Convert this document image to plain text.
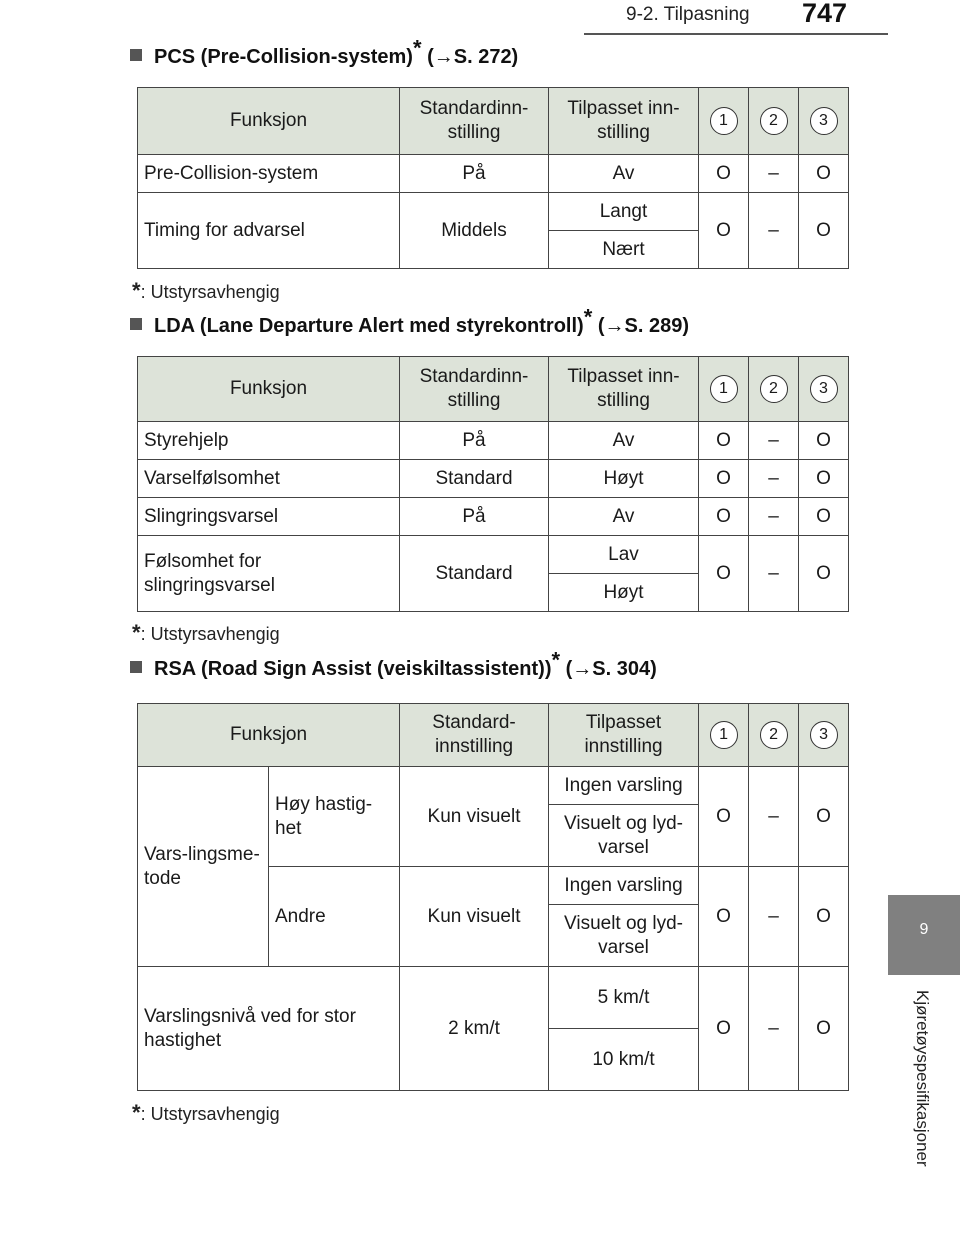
9-2. Tilpasning 747
9
Kjøretøyspesifikasjoner
PCS (Pre-Collision-system)* (→S. 272)
Funksjon	Standardinn-stilling	Tilpasset inn-stilling	1	2	3
Pre-Collision-system	På	Av	O	–	O
Timing for advarsel	Middels	Langt	O	–	O
		Nært			
*: Utstyrsavhengig
LDA (Lane Departure Alert med styrekontroll)* (→S. 289)
Funksjon	Standardinn-stilling	Tilpasset inn-stilling	1	2	3
Styrehjelp	På	Av	O	–	O
Varselfølsomhet	Standard	Høyt	O	–	O
Slingringsvarsel	På	Av	O	–	O
Følsomhet for slingringsvarsel	Standard	Lav	O	–	O
		Høyt			
*: Utstyrsavhengig
RSA (Road Sign Assist (veiskiltassistent))* (→S. 304)
Funksjon		Standard-innstilling	Tilpasset innstilling	1	2	3
Vars-lingsme-tode	Høy hastig-het	Kun visuelt	Ingen varsling	O	–	O
			Visuelt og lyd-varsel			
	Andre	Kun visuelt	Ingen varsling	O	–	O
			Visuelt og lyd-varsel			
Varslingsnivå ved for stor hastighet		2 km/t	5 km/t	O	–	O
			10 km/t			
*: Utstyrsavhengig
